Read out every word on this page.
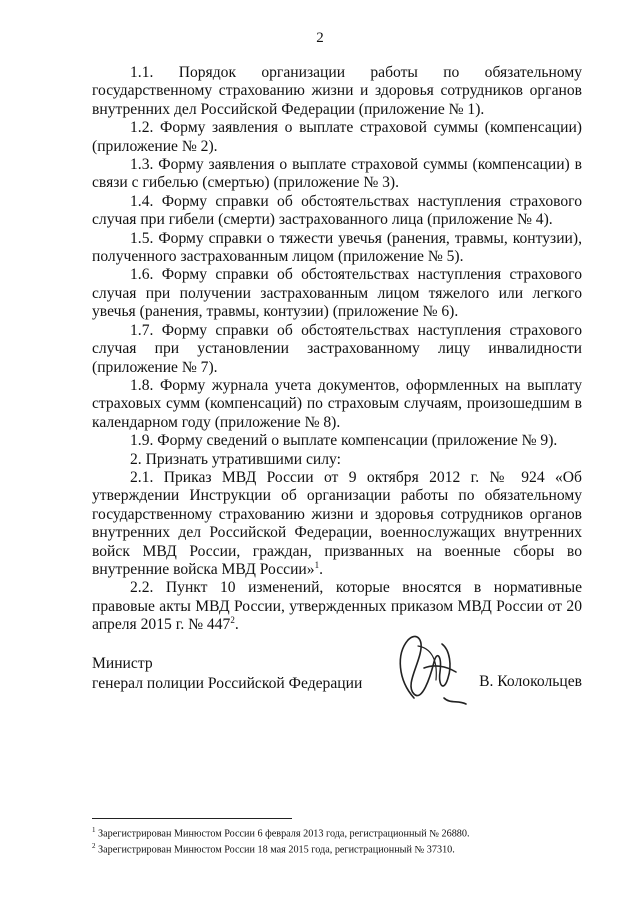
2

1.1. Порядок организации работы по обязательному государственному страхованию жизни и здоровья сотрудников органов внутренних дел Российской Федерации (приложение № 1).

1.2. Форму заявления о выплате страховой суммы (компенсации) (приложение № 2).

1.3. Форму заявления о выплате страховой суммы (компенсации) в связи с гибелью (смертью) (приложение № 3).

1.4. Форму справки об обстоятельствах наступления страхового случая при гибели (смерти) застрахованного лица (приложение № 4).

1.5. Форму справки о тяжести увечья (ранения, травмы, контузии), полученного застрахованным лицом (приложение № 5).

1.6. Форму справки об обстоятельствах наступления страхового случая при получении застрахованным лицом тяжелого или легкого увечья (ранения, травмы, контузии) (приложение № 6).

1.7. Форму справки об обстоятельствах наступления страхового случая при установлении застрахованному лицу инвалидности (приложение № 7).

1.8. Форму журнала учета документов, оформленных на выплату страховых сумм (компенсаций) по страховым случаям, произошедшим в календарном году (приложение № 8).

1.9. Форму сведений о выплате компенсации (приложение № 9).

2. Признать утратившими силу:

2.1. Приказ МВД России от 9 октября 2012 г. № 924 «Об утверждении Инструкции об организации работы по обязательному государственному страхованию жизни и здоровья сотрудников органов внутренних дел Российской Федерации, военнослужащих внутренних войск МВД России, граждан, призванных на военные сборы во внутренние войска МВД России»$^1$.

2.2. Пункт 10 изменений, которые вносятся в нормативные правовые акты МВД России, утвержденных приказом МВД России от 20 апреля 2015 г. № $447^2$.

Министр
генерал полиции Российской Федерации	В. Колокольцев

$^1$ Зарегистрирован Минюстом России 6 февраля 2013 года, регистрационный № 26880.

$^2$ Зарегистрирован Минюстом России 18 мая 2015 года, регистрационный № 37310.
